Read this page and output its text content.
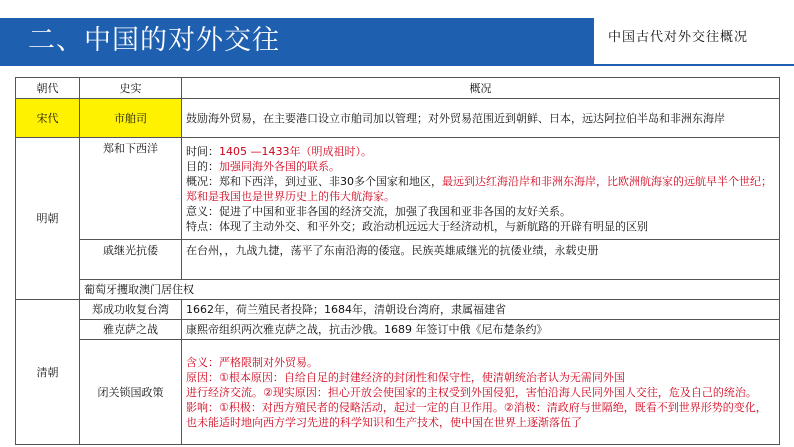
二、中国的对外交往	中国古代对外交往概况
朝代	史实	概况
宋代	市舶司	鼓励海外贸易，在主要港口设立市舶司加以管理；对外贸易范围近到朝鲜、日本，远达阿拉伯半岛和非洲东海岸
明朝	郑和下西洋	时间：1405 —1433年（明成祖时）。
目的：加强同海外各国的联系。
概况：郑和下西洋，到过亚、非30多个国家和地区，最远到达红海沿岸和非洲东海岸，比欧洲航海家的远航早半个世纪；郑和是我国也是世界历史上的伟大航海家。
意义：促进了中国和亚非各国的经济交流，加强了我国和亚非各国的友好关系。
特点：体现了主动外交、和平外交；政治动机远远大于经济动机，与新航路的开辟有明显的区别

	戚继光抗倭	在台州，，九战九捷，荡平了东南沿海的倭寇。民族英雄戚继光的抗倭业绩，永载史册
	葡萄牙攫取澳门居住权	
清朝	郑成功收复台湾	1662年，荷兰殖民者投降；1684年，清朝设台湾府，隶属福建省
	雅克萨之战	康熙帝组织两次雅克萨之战，抗击沙俄。1689 年签订中俄《尼布楚条约》
	闭关锁国政策	含义：严格限制对外贸易。
原因：①根本原因：自给自足的封建经济的封闭性和保守性，使清朝统治者认为无需同外国
进行经济交流。②现实原因：担心开放会使国家的主权受到外国侵犯，害怕沿海人民同外国人交往，危及自己的统治。
影响：①积极：对西方殖民者的侵略活动，起过一定的自卫作用。②消极：清政府与世隔绝，既看不到世界形势的变化，也未能适时地向西方学习先进的科学知识和生产技术，使中国在世界上逐渐落伍了
